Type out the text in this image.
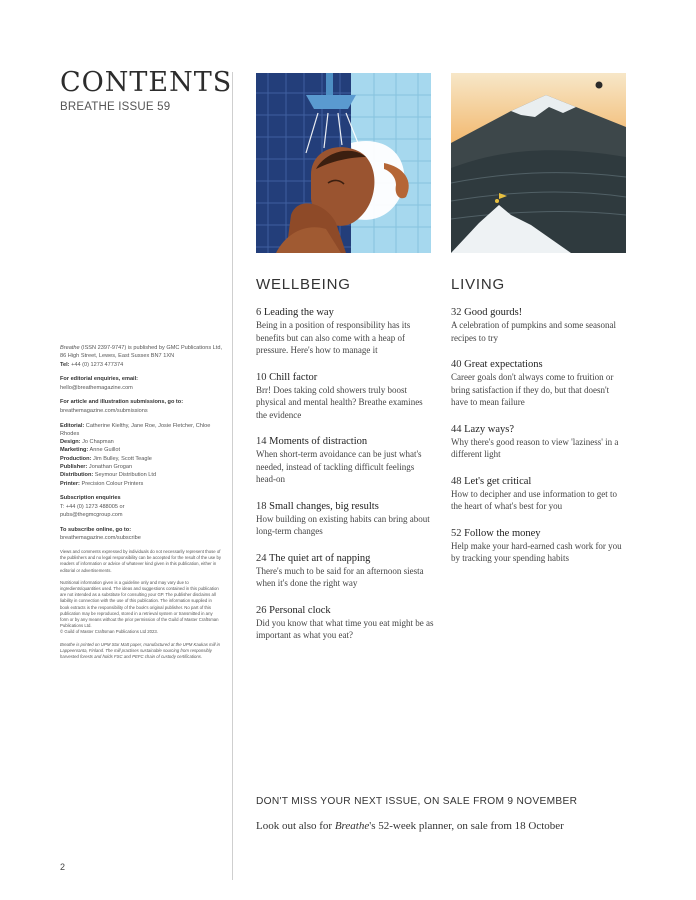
CONTENTS
BREATHE ISSUE 59

Breathe (ISSN 2397-9747) is published by GMC Publications Ltd, 86 High Street, Lewes, East Sussex BN7 1XN
Tel: +44 (0) 1273 477374

For editorial enquiries, email:
hello@breathemagazine.com

For article and illustration submissions, go to:
breathemagazine.com/submissions

Editorial: Catherine Kielthy, Jane Roe, Josie Fletcher, Chloe Rhodes
Design: Jo Chapman
Marketing: Anne Guillot
Production: Jim Bulley, Scott Teagle
Publisher: Jonathan Grogan
Distribution: Seymour Distribution Ltd
Printer: Precision Colour Printers

Subscription enquiries
T: +44 (0) 1273 488005 or
pubs@thegmcgroup.com

To subscribe online, go to:
breathemagazine.com/subscribe

Views and comments expressed by individuals do not necessarily represent those of the publishers and no legal responsibility can be accepted for the result of the use by readers of information or advice of whatever kind given in this publication, either in editorial or advertisements.

Nutritional information given is a guideline only and may vary due to ingredients/quantities used. The ideas and suggestions contained in this publication are not intended as a substitute for consulting your GP. The publisher disclaims all liability in connection with the use of this publication. The information supplied in book extracts is the responsibility of the book's original publisher. No part of this publication may be reproduced, stored in a retrieval system or transmitted in any form or by any means without the prior permission of the Guild of Master Craftsman Publications Ltd.
© Guild of Master Craftsman Publications Ltd 2023.

Breathe is printed on UPM Star Matt paper, manufactured at the UPM Kaukas mill in Lappeenranta, Finland. The mill practises sustainable sourcing from responsibly harvested forests and holds FSC and PEFC chain of custody certifications.

2
WELLBEING
6 Leading the way
Being in a position of responsibility has its benefits but can also come with a heap of pressure. Here's how to manage it
10 Chill factor
Brr! Does taking cold showers truly boost physical and mental health? Breathe examines the evidence
14 Moments of distraction
When short-term avoidance can be just what's needed, instead of tackling difficult feelings head-on
18 Small changes, big results
How building on existing habits can bring about long-term changes
24 The quiet art of napping
There's much to be said for an afternoon siesta when it's done the right way
26 Personal clock
Did you know that what time you eat might be as important as what you eat?
LIVING
32 Good gourds!
A celebration of pumpkins and some seasonal recipes to try
40 Great expectations
Career goals don't always come to fruition or bring satisfaction if they do, but that doesn't have to mean failure
44 Lazy ways?
Why there's good reason to view 'laziness' in a different light
48 Let's get critical
How to decipher and use information to get to the heart of what's best for you
52 Follow the money
Help make your hard-earned cash work for you by tracking your spending habits
DON'T MISS YOUR NEXT ISSUE, ON SALE FROM 9 NOVEMBER
Look out also for Breathe's 52-week planner, on sale from 18 October
